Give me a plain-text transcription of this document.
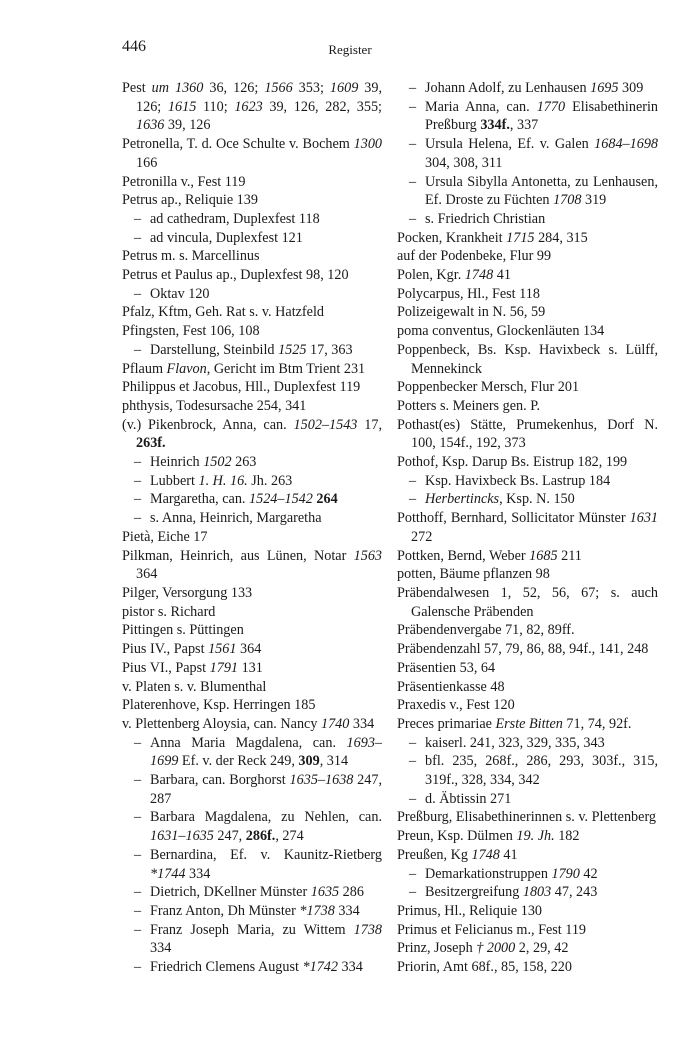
446	Register

Pest um 1360 36, 126; 1566 353; 1609 39, 126; 1615 110; 1623 39, 126, 282, 355; 1636 39, 126

Petronella, T. d. Oce Schulte v. Bochem 1300 166

Petronilla v., Fest 119

Petrus ap., Reliquie 139

– ad cathedram, Duplexfest 118

– ad vincula, Duplexfest 121

Petrus m. s. Marcellinus

Petrus et Paulus ap., Duplexfest 98, 120

– Oktav 120

Pfalz, Kftm, Geh. Rat s. v. Hatzfeld

Pfingsten, Fest 106, 108

– Darstellung, Steinbild 1525 17, 363

Pflaum Flavon, Gericht im Btm Trient 231

Philippus et Jacobus, Hll., Duplexfest 119

phthysis, Todesursache 254, 341

(v.) Pikenbrock, Anna, can. 1502–1543 17, 263f.

– Heinrich 1502 263

– Lubbert 1. H. 16. Jh. 263

– Margaretha, can. 1524–1542 264

– s. Anna, Heinrich, Margaretha

Pietà, Eiche 17

Pilkman, Heinrich, aus Lünen, Notar 1563 364

Pilger, Versorgung 133

pistor s. Richard

Pittingen s. Püttingen

Pius IV., Papst 1561 364

Pius VI., Papst 1791 131

v. Platen s. v. Blumenthal

Platerenhove, Ksp. Herringen 185

v. Plettenberg Aloysia, can. Nancy 1740 334

– Anna Maria Magdalena, can. 1693–1699 Ef. v. der Reck 249, 309, 314

– Barbara, can. Borghorst 1635–1638 247, 287

– Barbara Magdalena, zu Nehlen, can. 1631–1635 247, 286f., 274

– Bernardina, Ef. v. Kaunitz-Rietberg *1744 334

– Dietrich, DKellner Münster 1635 286

– Franz Anton, Dh Münster *1738 334

– Franz Joseph Maria, zu Wittem 1738 334

– Friedrich Clemens August *1742 334

– Johann Adolf, zu Lenhausen 1695 309

– Maria Anna, can. 1770 Elisabethinerin Preßburg 334f., 337

– Ursula Helena, Ef. v. Galen 1684–1698 304, 308, 311

– Ursula Sibylla Antonetta, zu Lenhausen, Ef. Droste zu Füchten 1708 319

– s. Friedrich Christian

Pocken, Krankheit 1715 284, 315

auf der Podenbeke, Flur 99

Polen, Kgr. 1748 41

Polycarpus, Hl., Fest 118

Polizeigewalt in N. 56, 59

poma conventus, Glockenläuten 134

Poppenbeck, Bs. Ksp. Havixbeck s. Lülff, Mennekinck

Poppenbecker Mersch, Flur 201

Potters s. Meiners gen. P.

Pothast(es) Stätte, Prumekenhus, Dorf N. 100, 154f., 192, 373

Pothof, Ksp. Darup Bs. Eistrup 182, 199

– Ksp. Havixbeck Bs. Lastrup 184

– Herbertincks, Ksp. N. 150

Potthoff, Bernhard, Sollicitator Münster 1631 272

Pottken, Bernd, Weber 1685 211

potten, Bäume pflanzen 98

Präbendalwesen 1, 52, 56, 67; s. auch Galensche Präbenden

Präbendenvergabe 71, 82, 89ff.

Präbendenzahl 57, 79, 86, 88, 94f., 141, 248

Präsentien 53, 64

Präsentienkasse 48

Praxedis v., Fest 120

Preces primariae Erste Bitten 71, 74, 92f.

– kaiserl. 241, 323, 329, 335, 343

– bfl. 235, 268f., 286, 293, 303f., 315, 319f., 328, 334, 342

– d. Äbtissin 271

Preßburg, Elisabethinerinnen s. v. Plettenberg

Preun, Ksp. Dülmen 19. Jh. 182

Preußen, Kg 1748 41

– Demarkationstruppen 1790 42

– Besitzergreifung 1803 47, 243

Primus, Hl., Reliquie 130

Primus et Felicianus m., Fest 119

Prinz, Joseph † 2000 2, 29, 42

Priorin, Amt 68f., 85, 158, 220
